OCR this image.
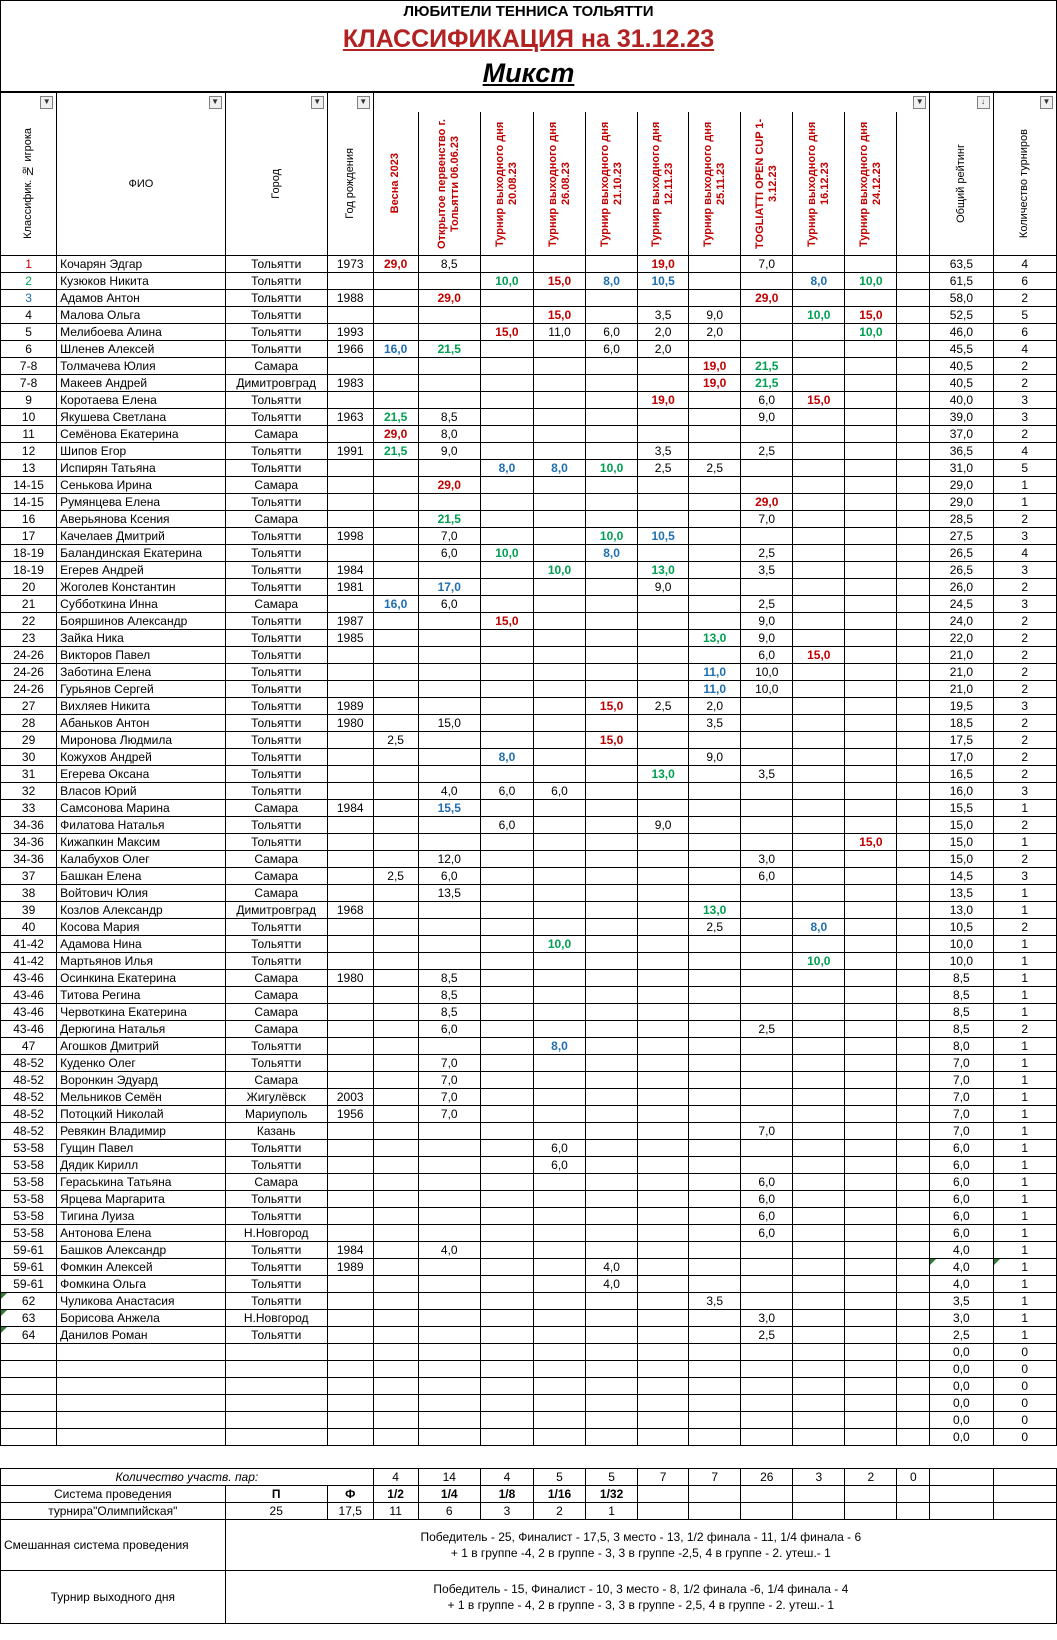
ЛЮБИТЕЛИ ТЕННИСА ТОЛЬЯТТИ
КЛАССИФИКАЦИЯ на 31.12.23
Микст
▼	▼	▼	▼	▼											↓	▼

Классифик. № игрока	ФИО	Город	Год рождения	Весна 2023	Открытое первенство г. Тольятти 06.06.23	Турнир выходного дня 20.08.23	Турнир выходного дня 26.08.23	Турнир выходного дня 21.10.23	Турнир выходного дня 12.11.23	Турнир выходного дня 25.11.23	TOGLIATTI OPEN CUP 1-3.12.23	Турнир выходного дня 16.12.23	Турнир выходного дня 24.12.23		Общий рейтинг	Количество турниров

1	Кочарян Эдгар	Тольятти	1973	29,0	8,5				19,0		7,0				63,5	4
2	Кузюков Никита	Тольятти				10,0	15,0	8,0	10,5			8,0	10,0		61,5	6
3	Адамов Антон	Тольятти	1988		29,0						29,0				58,0	2
4	Малова Ольга	Тольятти					15,0		3,5	9,0		10,0	15,0		52,5	5
5	Мелибоева Алина	Тольятти	1993			15,0	11,0	6,0	2,0	2,0			10,0		46,0	6
6	Шленев Алексей	Тольятти	1966	16,0	21,5			6,0	2,0						45,5	4
7-8	Толмачева Юлия	Самара								19,0	21,5				40,5	2
7-8	Макеев Андрей	Димитровград	1983							19,0	21,5				40,5	2
9	Коротаева Елена	Тольятти							19,0		6,0	15,0			40,0	3
10	Якушева Светлана	Тольятти	1963	21,5	8,5						9,0				39,0	3
11	Семёнова Екатерина	Самара		29,0	8,0										37,0	2
12	Шипов Егор	Тольятти	1991	21,5	9,0				3,5		2,5				36,5	4
13	Испирян Татьяна	Тольятти				8,0	8,0	10,0	2,5	2,5					31,0	5
14-15	Сенькова Ирина	Самара			29,0										29,0	1
14-15	Румянцева Елена	Тольятти									29,0				29,0	1
16	Аверьянова Ксения	Самара			21,5						7,0				28,5	2
17	Качелаев Дмитрий	Тольятти	1998		7,0			10,0	10,5						27,5	3
18-19	Баландинская Екатерина	Тольятти			6,0	10,0		8,0			2,5				26,5	4
18-19	Егерев Андрей	Тольятти	1984				10,0		13,0		3,5				26,5	3
20	Жоголев Константин	Тольятти	1981		17,0				9,0						26,0	2
21	Субботкина Инна	Самара		16,0	6,0						2,5				24,5	3
22	Бояршинов Александр	Тольятти	1987			15,0					9,0				24,0	2
23	Зайка Ника	Тольятти	1985							13,0	9,0				22,0	2
24-26	Викторов Павел	Тольятти									6,0	15,0			21,0	2
24-26	Заботина Елена	Тольятти								11,0	10,0				21,0	2
24-26	Гурьянов Сергей	Тольятти								11,0	10,0				21,0	2
27	Вихляев Никита	Тольятти	1989					15,0	2,5	2,0					19,5	3
28	Абаньков Антон	Тольятти	1980		15,0					3,5					18,5	2
29	Миронова Людмила	Тольятти		2,5				15,0							17,5	2
30	Кожухов Андрей	Тольятти				8,0				9,0					17,0	2
31	Егерева Оксана	Тольятти							13,0		3,5				16,5	2
32	Власов Юрий	Тольятти			4,0	6,0	6,0								16,0	3
33	Самсонова Марина	Самара	1984		15,5										15,5	1
34-36	Филатова Наталья	Тольятти				6,0			9,0						15,0	2
34-36	Кижапкин Максим	Тольятти											15,0		15,0	1
34-36	Калабухов Олег	Самара			12,0						3,0				15,0	2
37	Башкан Елена	Самара		2,5	6,0						6,0				14,5	3
38	Войтович Юлия	Самара			13,5										13,5	1
39	Козлов Александр	Димитровград	1968							13,0					13,0	1
40	Косова Мария	Тольятти								2,5		8,0			10,5	2
41-42	Адамова Нина	Тольятти					10,0								10,0	1
41-42	Мартьянов Илья	Тольятти										10,0			10,0	1
43-46	Осинкина Екатерина	Самара	1980		8,5										8,5	1
43-46	Титова Регина	Самара			8,5										8,5	1
43-46	Червоткина Екатерина	Самара			8,5										8,5	1
43-46	Дерюгина Наталья	Самара			6,0						2,5				8,5	2
47	Агошков Дмитрий	Тольятти					8,0								8,0	1
48-52	Куденко Олег	Тольятти			7,0										7,0	1
48-52	Воронкин Эдуард	Самара			7,0										7,0	1
48-52	Мельников Семён	Жигулёвск	2003		7,0										7,0	1
48-52	Потоцкий Николай	Мариуполь	1956		7,0										7,0	1
48-52	Ревякин Владимир	Казань									7,0				7,0	1
53-58	Гущин Павел	Тольятти					6,0								6,0	1
53-58	Дядик Кирилл	Тольятти					6,0								6,0	1
53-58	Гераськина Татьяна	Самара									6,0				6,0	1
53-58	Ярцева Маргарита	Тольятти									6,0				6,0	1
53-58	Тигина Луиза	Тольятти									6,0				6,0	1
53-58	Антонова Елена	Н.Новгород									6,0				6,0	1
59-61	Башков Александр	Тольятти	1984		4,0										4,0	1
59-61	Фомкин Алексей	Тольятти	1989					4,0							4,0	1
59-61	Фомкина Ольга	Тольятти						4,0							4,0	1
62	Чуликова Анастасия	Тольятти								3,5					3,5	1
63	Борисова Анжела	Н.Новгород									3,0				3,0	1
64	Данилов Роман	Тольятти									2,5				2,5	1
															0,0	0
															0,0	0
															0,0	0
															0,0	0
															0,0	0
															0,0	0

Количество участв. пар:				4	14	4	5	5	7	7	26	3	2	0		
Система проведения		П	Ф	1/2	1/4	1/8	1/16	1/32								
турнира"Олимпийская"		25	17,5	11	6	3	2	1								
Смешанная система проведения		Победитель - 25, Финалист - 17,5, 3 место - 13, 1/2 финала - 11, 1/4 финала - 6
+ 1 в группе -4, 2 в группе - 3, 3 в группе -2,5, 4 в группе - 2. утеш.- 1														

Турнир выходного дня		Победитель - 15, Финалист - 10, 3 место - 8, 1/2 финала -6, 1/4 финала - 4
+ 1 в группе - 4, 2 в группе - 3, 3 в группе - 2,5, 4 в группе - 2. утеш.- 1														
